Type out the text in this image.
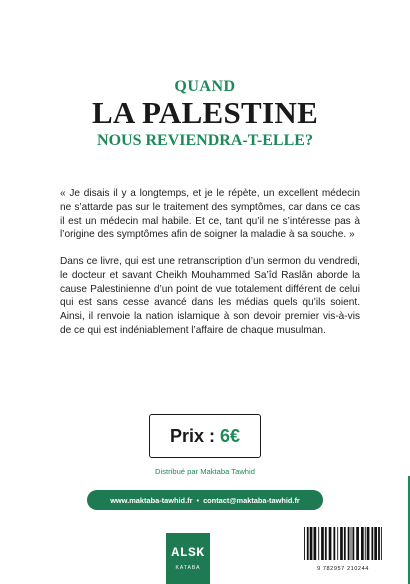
QUAND
LA PALESTINE
NOUS REVIENDRA-T-ELLE?
« Je disais il y a longtemps, et je le répète, un excellent médecin ne s’attarde pas sur le traitement des symptômes, car dans ce cas il est un médecin mal habile. Et ce, tant qu’il ne s’intéresse pas à l’origine des symptômes afin de soigner la maladie à sa souche. »

Dans ce livre, qui est une retranscription d’un sermon du vendredi, le docteur et savant Cheikh Mouhammed Sa’îd Raslân aborde la cause Palestinienne d’un point de vue totalement différent de celui qui est sans cesse avancé dans les médias quels qu’ils soient. Ainsi, il renvoie la nation islamique à son devoir premier vis-à-vis de ce qui est indéniablement l’affaire de chaque musulman.

Prix : 6€
Distribué par Maktaba Tawhid
www.maktaba-tawhid.fr • contact@maktaba-tawhid.fr
ALSK
KATABA	9 782957 210244
